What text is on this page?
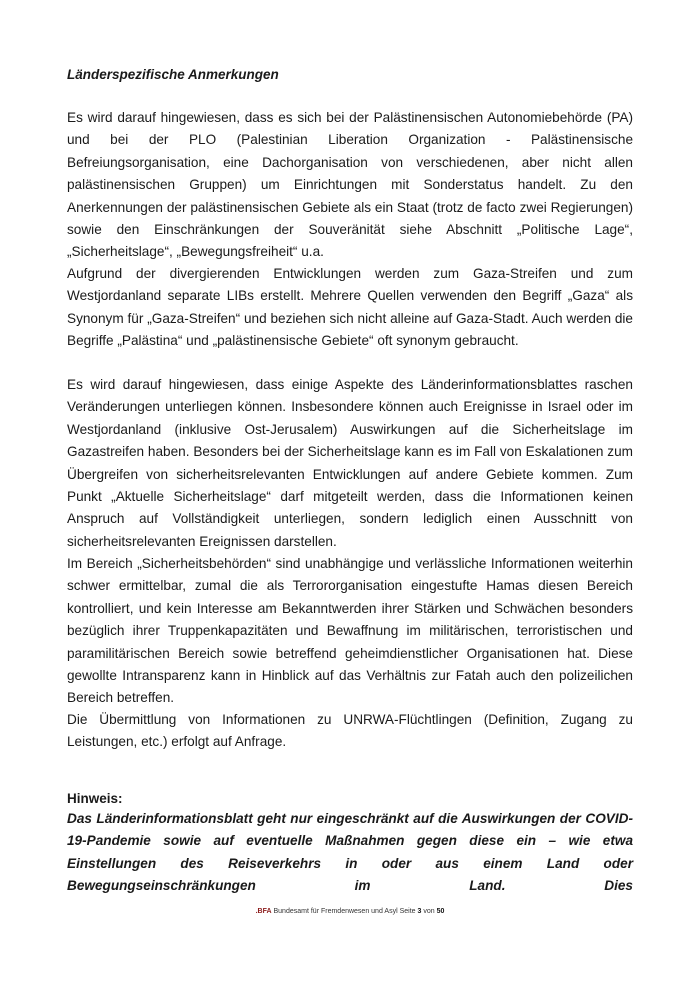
Länderspezifische Anmerkungen

Es wird darauf hingewiesen, dass es sich bei der Palästinensischen Autonomiebehörde (PA) und bei der PLO (Palestinian Liberation Organization - Palästinensische Befreiungsorganisation, eine Dachorganisation von verschiedenen, aber nicht allen palästinensischen Gruppen) um Einrichtungen mit Sonderstatus handelt. Zu den Anerkennungen der palästinensischen Gebiete als ein Staat (trotz de facto zwei Regierungen) sowie den Einschränkungen der Souveränität siehe Abschnitt „Politische Lage“, „Sicherheitslage“, „Bewegungsfreiheit“ u.a.

Aufgrund der divergierenden Entwicklungen werden zum Gaza-Streifen und zum Westjordanland separate LIBs erstellt. Mehrere Quellen verwenden den Begriff „Gaza“ als Synonym für „Gaza-Streifen“ und beziehen sich nicht alleine auf Gaza-Stadt. Auch werden die Begriffe „Palästina“ und „palästinensische Gebiete“ oft synonym gebraucht.

Es wird darauf hingewiesen, dass einige Aspekte des Länderinformationsblattes raschen Veränderungen unterliegen können. Insbesondere können auch Ereignisse in Israel oder im Westjordanland (inklusive Ost-Jerusalem) Auswirkungen auf die Sicherheitslage im Gazastreifen haben. Besonders bei der Sicherheitslage kann es im Fall von Eskalationen zum Übergreifen von sicherheitsrelevanten Entwicklungen auf andere Gebiete kommen. Zum Punkt „Aktuelle Sicherheitslage“ darf mitgeteilt werden, dass die Informationen keinen Anspruch auf Vollständigkeit unterliegen, sondern lediglich einen Ausschnitt von sicherheitsrelevanten Ereignissen darstellen.

Im Bereich „Sicherheitsbehörden“ sind unabhängige und verlässliche Informationen weiterhin schwer ermittelbar, zumal die als Terrororganisation eingestufte Hamas diesen Bereich kontrolliert, und kein Interesse am Bekanntwerden ihrer Stärken und Schwächen besonders bezüglich ihrer Truppenkapazitäten und Bewaffnung im militärischen, terroristischen und paramilitärischen Bereich sowie betreffend geheimdienstlicher Organisationen hat. Diese gewollte Intransparenz kann in Hinblick auf das Verhältnis zur Fatah auch den polizeilichen Bereich betreffen.

Die Übermittlung von Informationen zu UNRWA-Flüchtlingen (Definition, Zugang zu Leistungen, etc.) erfolgt auf Anfrage.

Hinweis:

Das Länderinformationsblatt geht nur eingeschränkt auf die Auswirkungen der COVID-19-Pandemie sowie auf eventuelle Maßnahmen gegen diese ein – wie etwa Einstellungen des Reiseverkehrs in oder aus einem Land oder Bewegungseinschränkungen im Land. Dies

.BFA Bundesamt für Fremdenwesen und Asyl Seite 3 von 50
